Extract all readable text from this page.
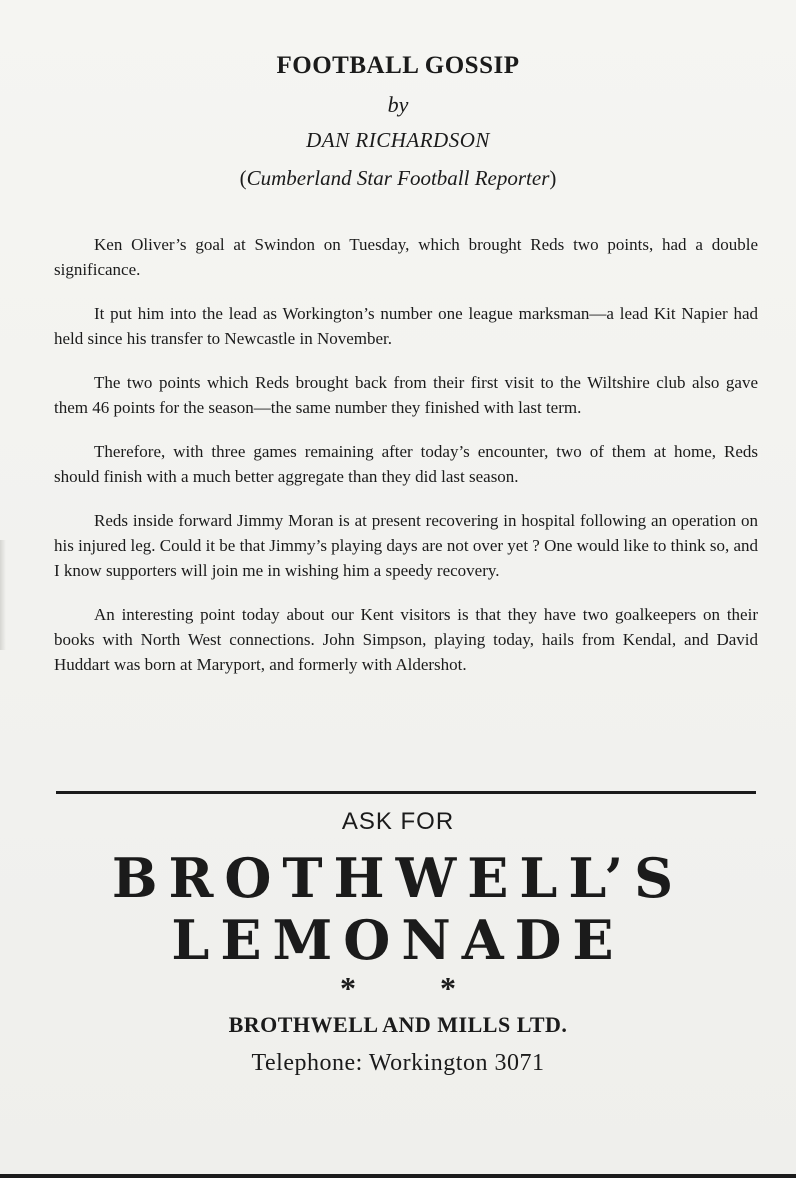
FOOTBALL GOSSIP
by
DAN RICHARDSON
(Cumberland Star Football Reporter)

Ken Oliver’s goal at Swindon on Tuesday, which brought Reds two points, had a double significance.

It put him into the lead as Workington’s number one league marksman—a lead Kit Napier had held since his transfer to Newcastle in November.

The two points which Reds brought back from their first visit to the Wiltshire club also gave them 46 points for the season—the same number they finished with last term.

Therefore, with three games remaining after today’s encounter, two of them at home, Reds should finish with a much better aggregate than they did last season.

Reds inside forward Jimmy Moran is at present recovering in hospital following an operation on his injured leg. Could it be that Jimmy’s playing days are not over yet ? One would like to think so, and I know supporters will join me in wishing him a speedy recovery.

An interesting point today about our Kent visitors is that they have two goalkeepers on their books with North West connections. John Simpson, playing today, hails from Kendal, and David Huddart was born at Maryport, and formerly with Aldershot.

ASK FOR
BROTHWELL’S
LEMONADE
*	*
BROTHWELL AND MILLS LTD.
Telephone: Workington 3071
